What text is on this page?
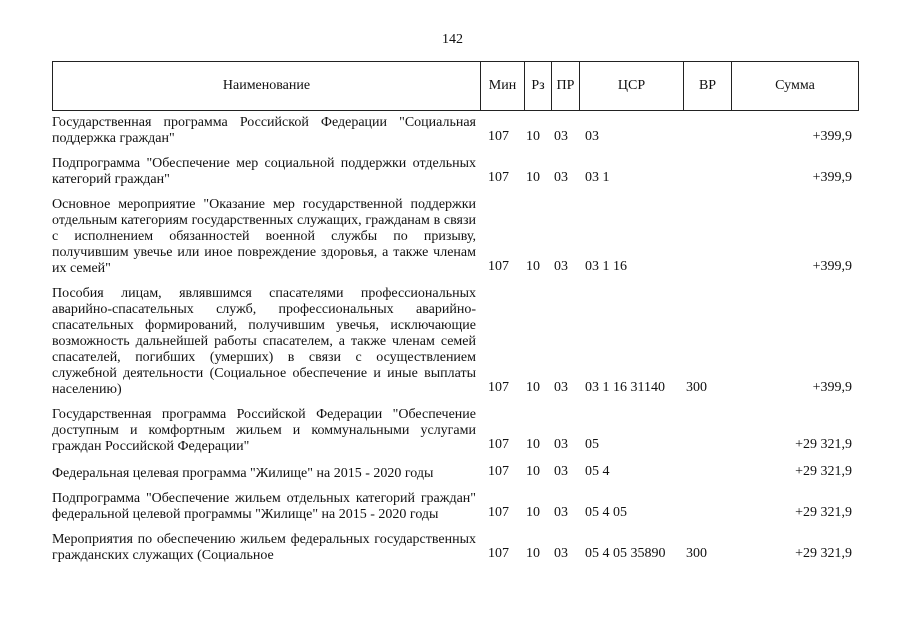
142
Наименование	Мин	Рз	ПР	ЦСР	ВР	Сумма
Государственная программа Российской Федерации "Социальная поддержка граждан"	107	10	03	03		+399,9

Подпрограмма "Обеспечение мер социальной поддержки отдельных категорий граждан"	107	10	03	03 1		+399,9

Основное мероприятие "Оказание мер государственной поддержки отдельным категориям государственных служащих, гражданам в связи с исполнением обязанностей военной службы по призыву, получившим увечье или иное повреждение здоровья, а также членам их семей"	107	10	03	03 1 16		+399,9

Пособия лицам, являвшимся спасателями профессиональных аварийно-спасательных служб, профессиональных аварийно-спасательных формирований, получившим увечья, исключающие возможность дальнейшей работы спасателем, а также членам семей спасателей, погибших (умерших) в связи с осуществлением служебной деятельности (Социальное обеспечение и иные выплаты населению)	107	10	03	03 1 16 31140	300	+399,9

Государственная программа Российской Федерации "Обеспечение доступным и комфортным жильем и коммунальными услугами граждан Российской Федерации"	107	10	03	05		+29 321,9

Федеральная целевая программа "Жилище" на 2015 - 2020 годы	107	10	03	05 4		+29 321,9

Подпрограмма "Обеспечение жильем отдельных категорий граждан" федеральной целевой программы "Жилище" на 2015 - 2020 годы	107	10	03	05 4 05		+29 321,9

Мероприятия по обеспечению жильем федеральных государственных гражданских служащих (Социальное	107	10	03	05 4 05 35890	300	+29 321,9
